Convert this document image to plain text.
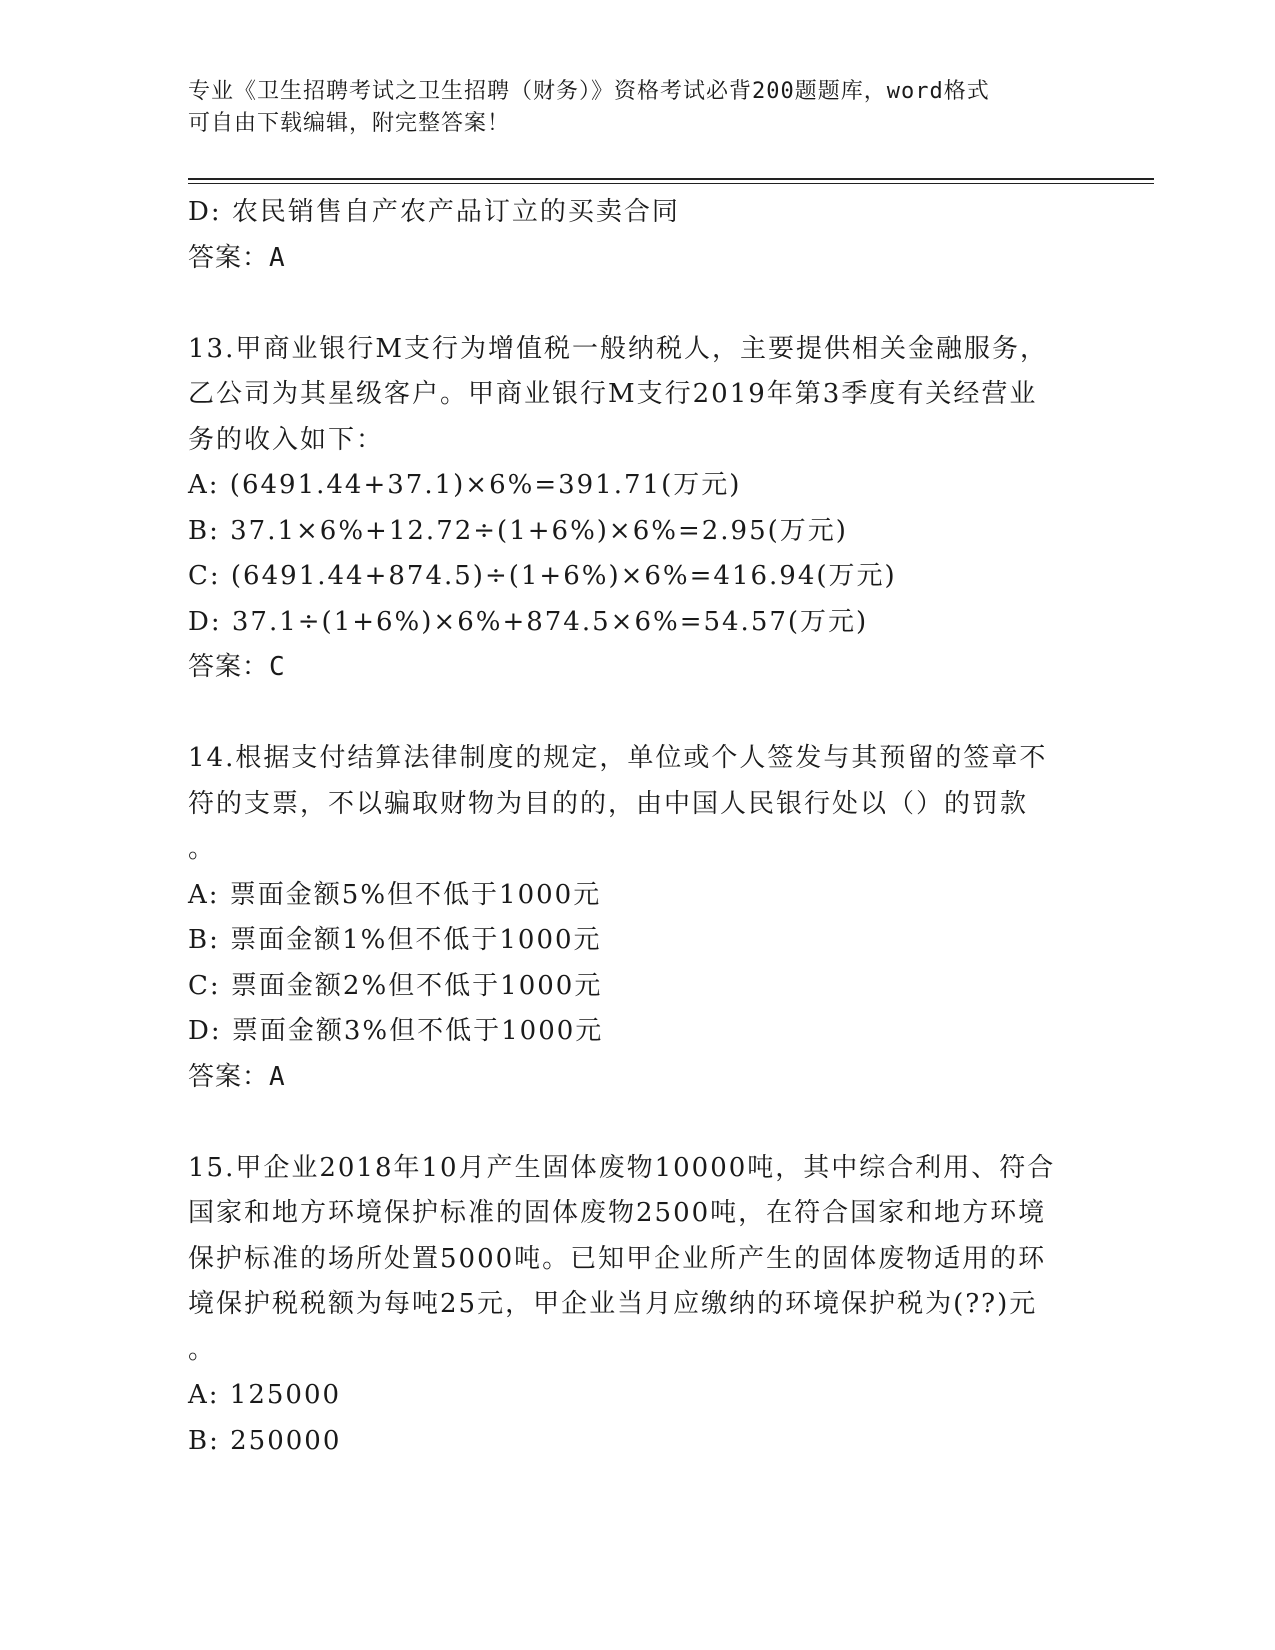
专业《卫生招聘考试之卫生招聘（财务）》资格考试必背200题题库，word格式
可自由下载编辑，附完整答案！
D: 农民销售自产农产品订立的买卖合同
答案：A
13.甲商业银行M支行为增值税一般纳税人，主要提供相关金融服务，
乙公司为其星级客户。甲商业银行M支行2019年第3季度有关经营业
务的收入如下：
A: (6491.44+37.1)×6%=391.71(万元)
B: 37.1×6%+12.72÷(1+6%)×6%=2.95(万元)
C: (6491.44+874.5)÷(1+6%)×6%=416.94(万元)
D: 37.1÷(1+6%)×6%+874.5×6%=54.57(万元)
答案：C
14.根据支付结算法律制度的规定，单位或个人签发与其预留的签章不
符的支票，不以骗取财物为目的的，由中国人民银行处以（）的罚款
。
A: 票面金额5%但不低于1000元
B: 票面金额1%但不低于1000元
C: 票面金额2%但不低于1000元
D: 票面金额3%但不低于1000元
答案：A
15.甲企业2018年10月产生固体废物10000吨，其中综合利用、符合
国家和地方环境保护标准的固体废物2500吨，在符合国家和地方环境
保护标准的场所处置5000吨。已知甲企业所产生的固体废物适用的环
境保护税税额为每吨25元，甲企业当月应缴纳的环境保护税为(??)元
。
A: 125000
B: 250000
